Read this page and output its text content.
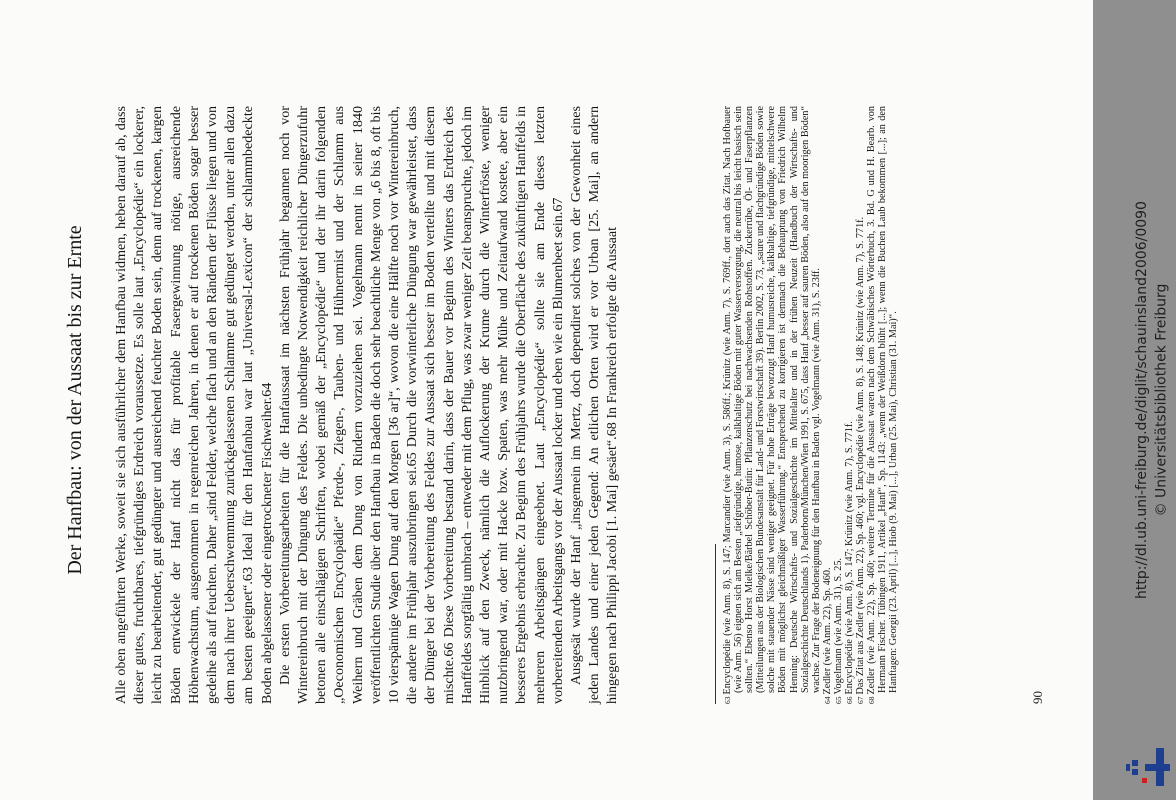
Der Hanfbau: von der Aussaat bis zur Ernte Alle oben angeführten Werke, soweit sie sich ausführlicher dem Hanfbau widmen, heben darauf ab, dass dieser gutes, fruchtbares, tiefgründiges Erdreich voraussetze. Es solle laut „Encyclopédie“ ein lockerer, leicht zu bearbeitender, gut gedüngter und ausreichend feuchter Boden sein, denn auf trockenen, kargen Böden entwickele der Hanf nicht das für profitable Fasergewinnung nötige, ausreichende Höhenwachstum, ausgenommen in regenreichen Jahren, in denen er auf trockenen Böden sogar besser gedeihe als auf feuchten. Daher „sind Felder, welche flach und an den Rändern der Flüsse liegen und von dem nach ihrer Ueberschwemmung zurückgelassenen Schlamme gut gedünget werden, unter allen dazu am besten geeignet“.63 Ideal für den Hanfanbau war laut „Universal-Lexicon“ der schlammbedeckte Boden abgelassener oder eingetrockneter Fischweiher.64 Die ersten Vorbereitungsarbeiten für die Hanfaussaat im nächsten Frühjahr begannen noch vor Wintereinbruch mit der Düngung des Feldes. Die unbedingte Notwendigkeit reichlicher Düngerzufuhr betonen alle einschlägigen Schriften, wobei gemäß der „Encyclopédie“ und der ihr darin folgenden „Oeconomischen Encyclopädie“ Pferde-, Ziegen-, Tauben- und Hühnermist und der Schlamm aus Weihern und Gräben dem Dung von Rindern vorzuziehen sei. Vogelmann nennt in seiner 1840 veröffentlichten Studie über den Hanfbau in Baden die doch sehr beachtliche Menge von „6 bis 8, oft bis 10 vierspännige Wagen Dung auf den Morgen [36 ar]“, wovon die eine Hälfte noch vor Wintereinbruch, die andere im Frühjahr auszubringen sei.65 Durch die vorwinterliche Düngung war gewährleistet, dass der Dünger bei der Vorbereitung des Feldes zur Aussaat sich besser im Boden verteilte und mit diesem mischte.66 Diese Vorbereitung bestand darin, dass der Bauer vor Beginn des Winters das Erdreich des Hanffeldes sorgfältig umbrach – entweder mit dem Pflug, was zwar weniger Zeit beanspruchte, jedoch im Hinblick auf den Zweck, nämlich die Auflockerung der Krume durch die Winterfröste, weniger nutzbringend war, oder mit Hacke bzw. Spaten, was mehr Mühe und Zeitaufwand kostete, aber ein besseres Ergebnis erbrachte. Zu Beginn des Frühjahrs wurde die Oberfläche des zukünftigen Hanffelds in mehreren Arbeitsgängen eingeebnet. Laut „Encyclopédie“ sollte sie am Ende dieses letzten vorbereitenden Arbeitsgangs vor der Aussaat locker und eben wie ein Blumenbeet sein.67 Ausgesät wurde der Hanf „insgemein im Mertz, doch dependiret solches von der Gewonheit eines jeden Landes und einer jeden Gegend: An etlichen Orten wird er vor Urban [25. Mai], an andern hingegen nach Philippi Jacobi [1. Mai] gesäet“.68 In Frankreich erfolgte die Aussaat	$^{63}$Encyclopédie (wie Anm. 8), S. 147; Marcandier (wie Anm. 3), S. 586ff.; Krünitz (wie Anm. 7), S. 769ff., dort auch das Zitat. Nach Hofbauer (wie Anm. 56) eignen sich am Besten „tiefgründige, humose, kalkhaltige Böden mit guter Wasserversorgung, die neutral bis leicht basisch sein sollten.“ Ebenso Horst Mielke/Bärbel Schöber-Butin: Pflanzenschutz bei nachwachsenden Rohstoffen. Zuckerrübe, Öl- und Faserpflanzen (Mitteilungen aus der Biologischen Bundesanstalt für Land- und Forstwirtschaft 39). Berlin 2002, S. 73, „saure und flachgründige Böden sowie solche mit stauender Nässe sind weniger geeignet. Für hohe Erträge bevorzugt Hanf humusreiche, kalkhaltige, tiefgründige, mittelschwere Böden mit möglichst gleichmäßiger Wasserführung.“ Entsprechend zu korrigieren ist demnach die Behauptung von Friedrich Wilhelm Henning: Deutsche Wirtschafts- und Sozialgeschichte im Mittelalter und in der frühen Neuzeit (Handbuch der Wirtschafts- und Sozialgeschichte Deutschlands 1). Paderborn/München/Wien 1991, S. 675, dass Hanf „besser auf sauren Böden, also auf den moorigen Böden“ wachse. Zur Frage der Bodeneignung für den Hanfbau in Baden vgl. Vogelmann (wie Anm. 31), S. 23ff.

$^{64}$Zedler (wie Anm. 22), Sp. 460.

$^{65}$Vogelmann (wie Anm. 31), S. 25.

$^{66}$Encyclopédie (wie Anm. 8), S. 147; Krünitz (wie Anm. 7), S. 771f.

$^{67}$Das Zitat aus Zedler (wie Anm. 22), Sp. 460; vgl. Encyclopédie (wie Anm. 8), S. 148; Krünitz (wie Anm. 7), S. 771f.

$^{68}$Zedler (wie Anm. 22), Sp. 460; weitere Termine für die Aussaat waren nach dem Schwäbisches Wörterbuch, 3. Bd. G und H. Bearb. von Hermann Fischer. Tübingen 1911, Artikel „Hanf“, Sp. 1143: „wenn der Weißdorn blüht [...]; wenn die Buchen Laub bekommen [...]; an den Hanftagen: Georgii (23. April) [...], Hiob (9. Mai) [...], Urban (25. Mai), Christian (31. Mai)“.

90
http://dl.ub.uni-freiburg.de/diglit/schauinsland2006/0090 © Universitätsbibliothek Freiburg
